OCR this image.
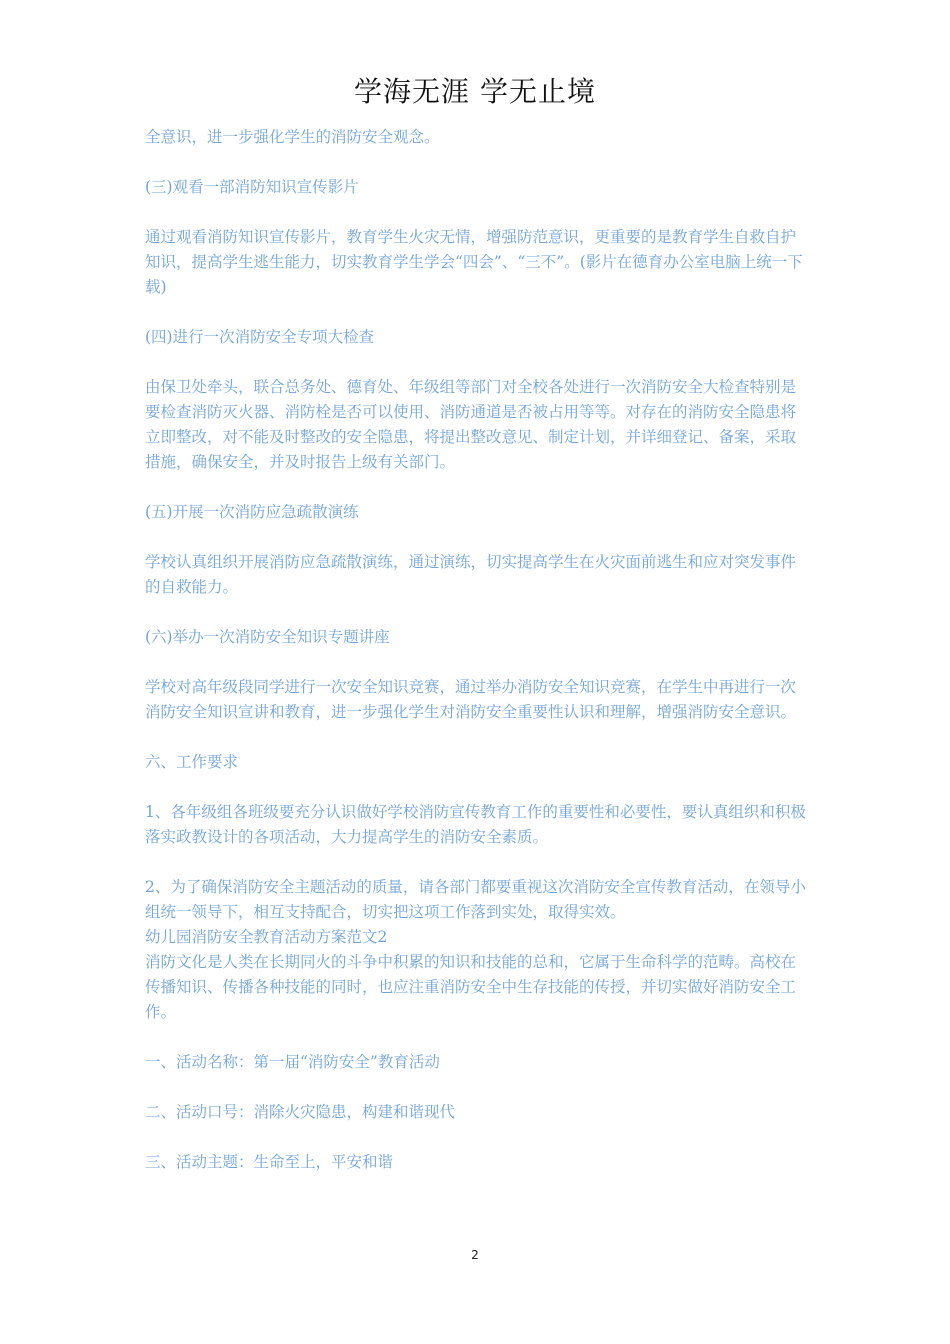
学海无涯 学无止境

全意识，进一步强化学生的消防安全观念。

(三)观看一部消防知识宣传影片

通过观看消防知识宣传影片，教育学生火灾无情，增强防范意识，更重要的是教育学生自救自护知识，提高学生逃生能力，切实教育学生学会“四会”、“三不”。(影片在德育办公室电脑上统一下载)

(四)进行一次消防安全专项大检查

由保卫处牵头，联合总务处、德育处、年级组等部门对全校各处进行一次消防安全大检查特别是要检查消防灭火器、消防栓是否可以使用、消防通道是否被占用等等。对存在的消防安全隐患将立即整改，对不能及时整改的安全隐患，将提出整改意见、制定计划，并详细登记、备案，采取措施，确保安全，并及时报告上级有关部门。

(五)开展一次消防应急疏散演练

学校认真组织开展消防应急疏散演练，通过演练，切实提高学生在火灾面前逃生和应对突发事件的自救能力。

(六)举办一次消防安全知识专题讲座

学校对高年级段同学进行一次安全知识竞赛，通过举办消防安全知识竞赛，在学生中再进行一次消防安全知识宣讲和教育，进一步强化学生对消防安全重要性认识和理解，增强消防安全意识。

六、工作要求

1、各年级组各班级要充分认识做好学校消防宣传教育工作的重要性和必要性，要认真组织和积极落实政教设计的各项活动，大力提高学生的消防安全素质。

2、为了确保消防安全主题活动的质量，请各部门都要重视这次消防安全宣传教育活动，在领导小组统一领导下，相互支持配合，切实把这项工作落到实处，取得实效。

幼儿园消防安全教育活动方案范文2

消防文化是人类在长期同火的斗争中积累的知识和技能的总和，它属于生命科学的范畴。高校在传播知识、传播各种技能的同时，也应注重消防安全中生存技能的传授，并切实做好消防安全工作。

一、活动名称：第一届“消防安全”教育活动

二、活动口号：消除火灾隐患，构建和谐现代

三、活动主题：生命至上，平安和谐

2
